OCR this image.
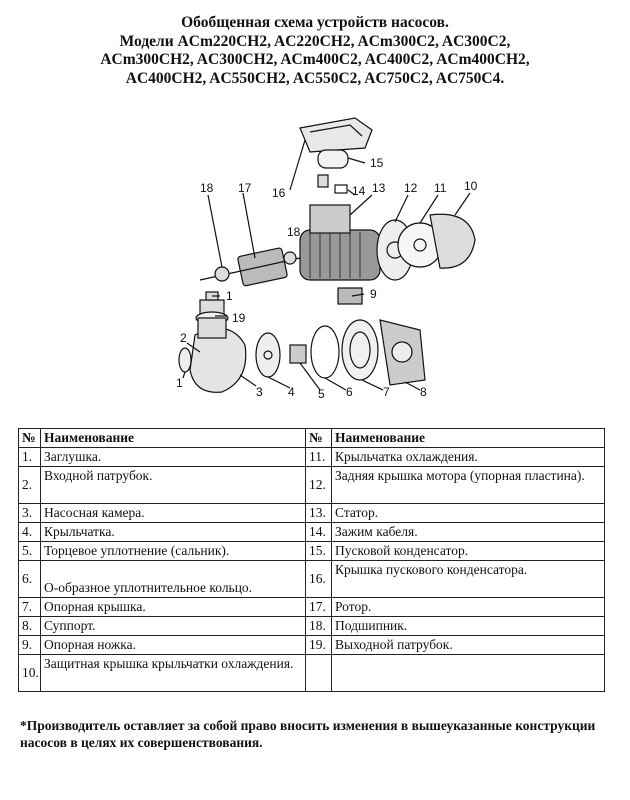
Обобщенная схема устройств насосов.
Модели ACm220CH2, AC220CH2, ACm300C2, AC300C2,
ACm300CH2, AC300CH2, ACm400C2, AC400C2, ACm400CH2,
AC400CH2, AC550CH2, AC550C2, AC750C2, AC750C4.
16
15
14 13 12 11 10
17
18
18
1
19
9
2
3 4 5 6	7	8
1
№	Наименование	№	Наименование
1.	Заглушка.	11.	Крыльчатка охлаждения.
2.	Входной патрубок.	12.	Задняя крышка мотора (упорная пластина).
3.	Насосная камера.	13.	Статор.
4.	Крыльчатка.	14.	Зажим кабеля.
5.	Торцевое уплотнение (сальник).	15.	Пусковой конденсатор.
6.	О-образное уплотнительное кольцо.	16.	Крышка пускового конденсатора.
7.	Опорная крышка.	17.	Ротор.
8.	Суппорт.	18.	Подшипник.
9.	Опорная ножка.	19.	Выходной патрубок.
10.	Защитная крышка крыльчатки охлаждения.		
*Производитель оставляет за собой право вносить изменения в вышеуказанные конструкции насосов в целях их совершенствования.
